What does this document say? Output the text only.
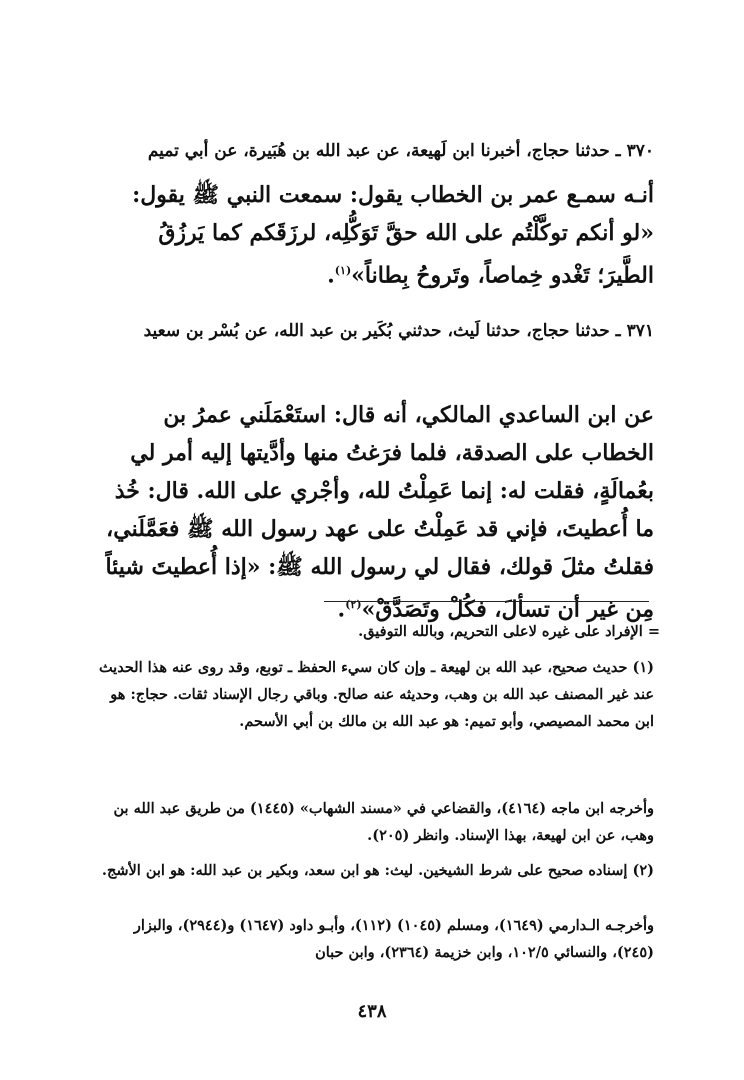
٣٧٠ ـ حدثنا حجاج، أخبرنا ابن لَهيعة، عن عبد الله بن هُبَيرة، عن أبي تميم
أنـه سمـع عمر بن الخطاب يقول: سمعت النبي ﷺ يقول: «لو أنكم توكَّلْتُم على الله حقَّ تَوَكُّلِه، لرزَقَكم كما يَرزُقُ الطَّيرَ؛ تَغْدو خِماصاً، وتَروحُ بِطاناً»$^{(١)}$.
٣٧١ ـ حدثنا حجاج، حدثنا لَيث، حدثني بُكَير بن عبد الله، عن بُسْر بن سعيد
عن ابن الساعدي المالكي، أنه قال: استَعْمَلَني عمرُ بن الخطاب على الصدقة، فلما فرَغتُ منها وأدَّيتها إليه أمر لي بعُمالَةٍ، فقلت له: إنما عَمِلْتُ لله، وأجْري على الله. قال: خُذ ما أُعطيتَ، فإني قد عَمِلْتُ على عهد رسول الله ﷺ فعَمَّلَني، فقلتُ مثلَ قولك، فقال لي رسول الله ﷺ: «إذا أُعطيتَ شيئاً مِن غير أن تسألَ، فكُلْ وتَصَدَّقْ»$^{(٢)}$.
= الإفراد على غيره لاعلى التحريم، وبالله التوفيق.
(١) حديث صحيح، عبد الله بن لهيعة ـ وإن كان سيء الحفظ ـ توبع، وقد روى عنه هذا الحديث عند غير المصنف عبد الله بن وهب، وحديثه عنه صالح. وباقي رجال الإسناد ثقات. حجاج: هو ابن محمد المصيصي، وأبو تميم: هو عبد الله بن مالك بن أبي الأسحم.
وأخرجه ابن ماجه (٤١٦٤)، والقضاعي في «مسند الشهاب» (١٤٤٥) من طريق عبد الله بن وهب، عن ابن لهيعة، بهذا الإسناد. وانظر (٢٠٥).
(٢) إسناده صحيح على شرط الشيخين. ليث: هو ابن سعد، وبكير بن عبد الله: هو ابن الأشج.
وأخرجـه الـدارمي (١٦٤٩)، ومسلم (١٠٤٥) (١١٢)، وأبـو داود (١٦٤٧) و(٢٩٤٤)، والبزار (٢٤٥)، والنسائي ١٠٢/٥، وابن خزيمة (٢٣٦٤)، وابن حبان
٤٣٨
